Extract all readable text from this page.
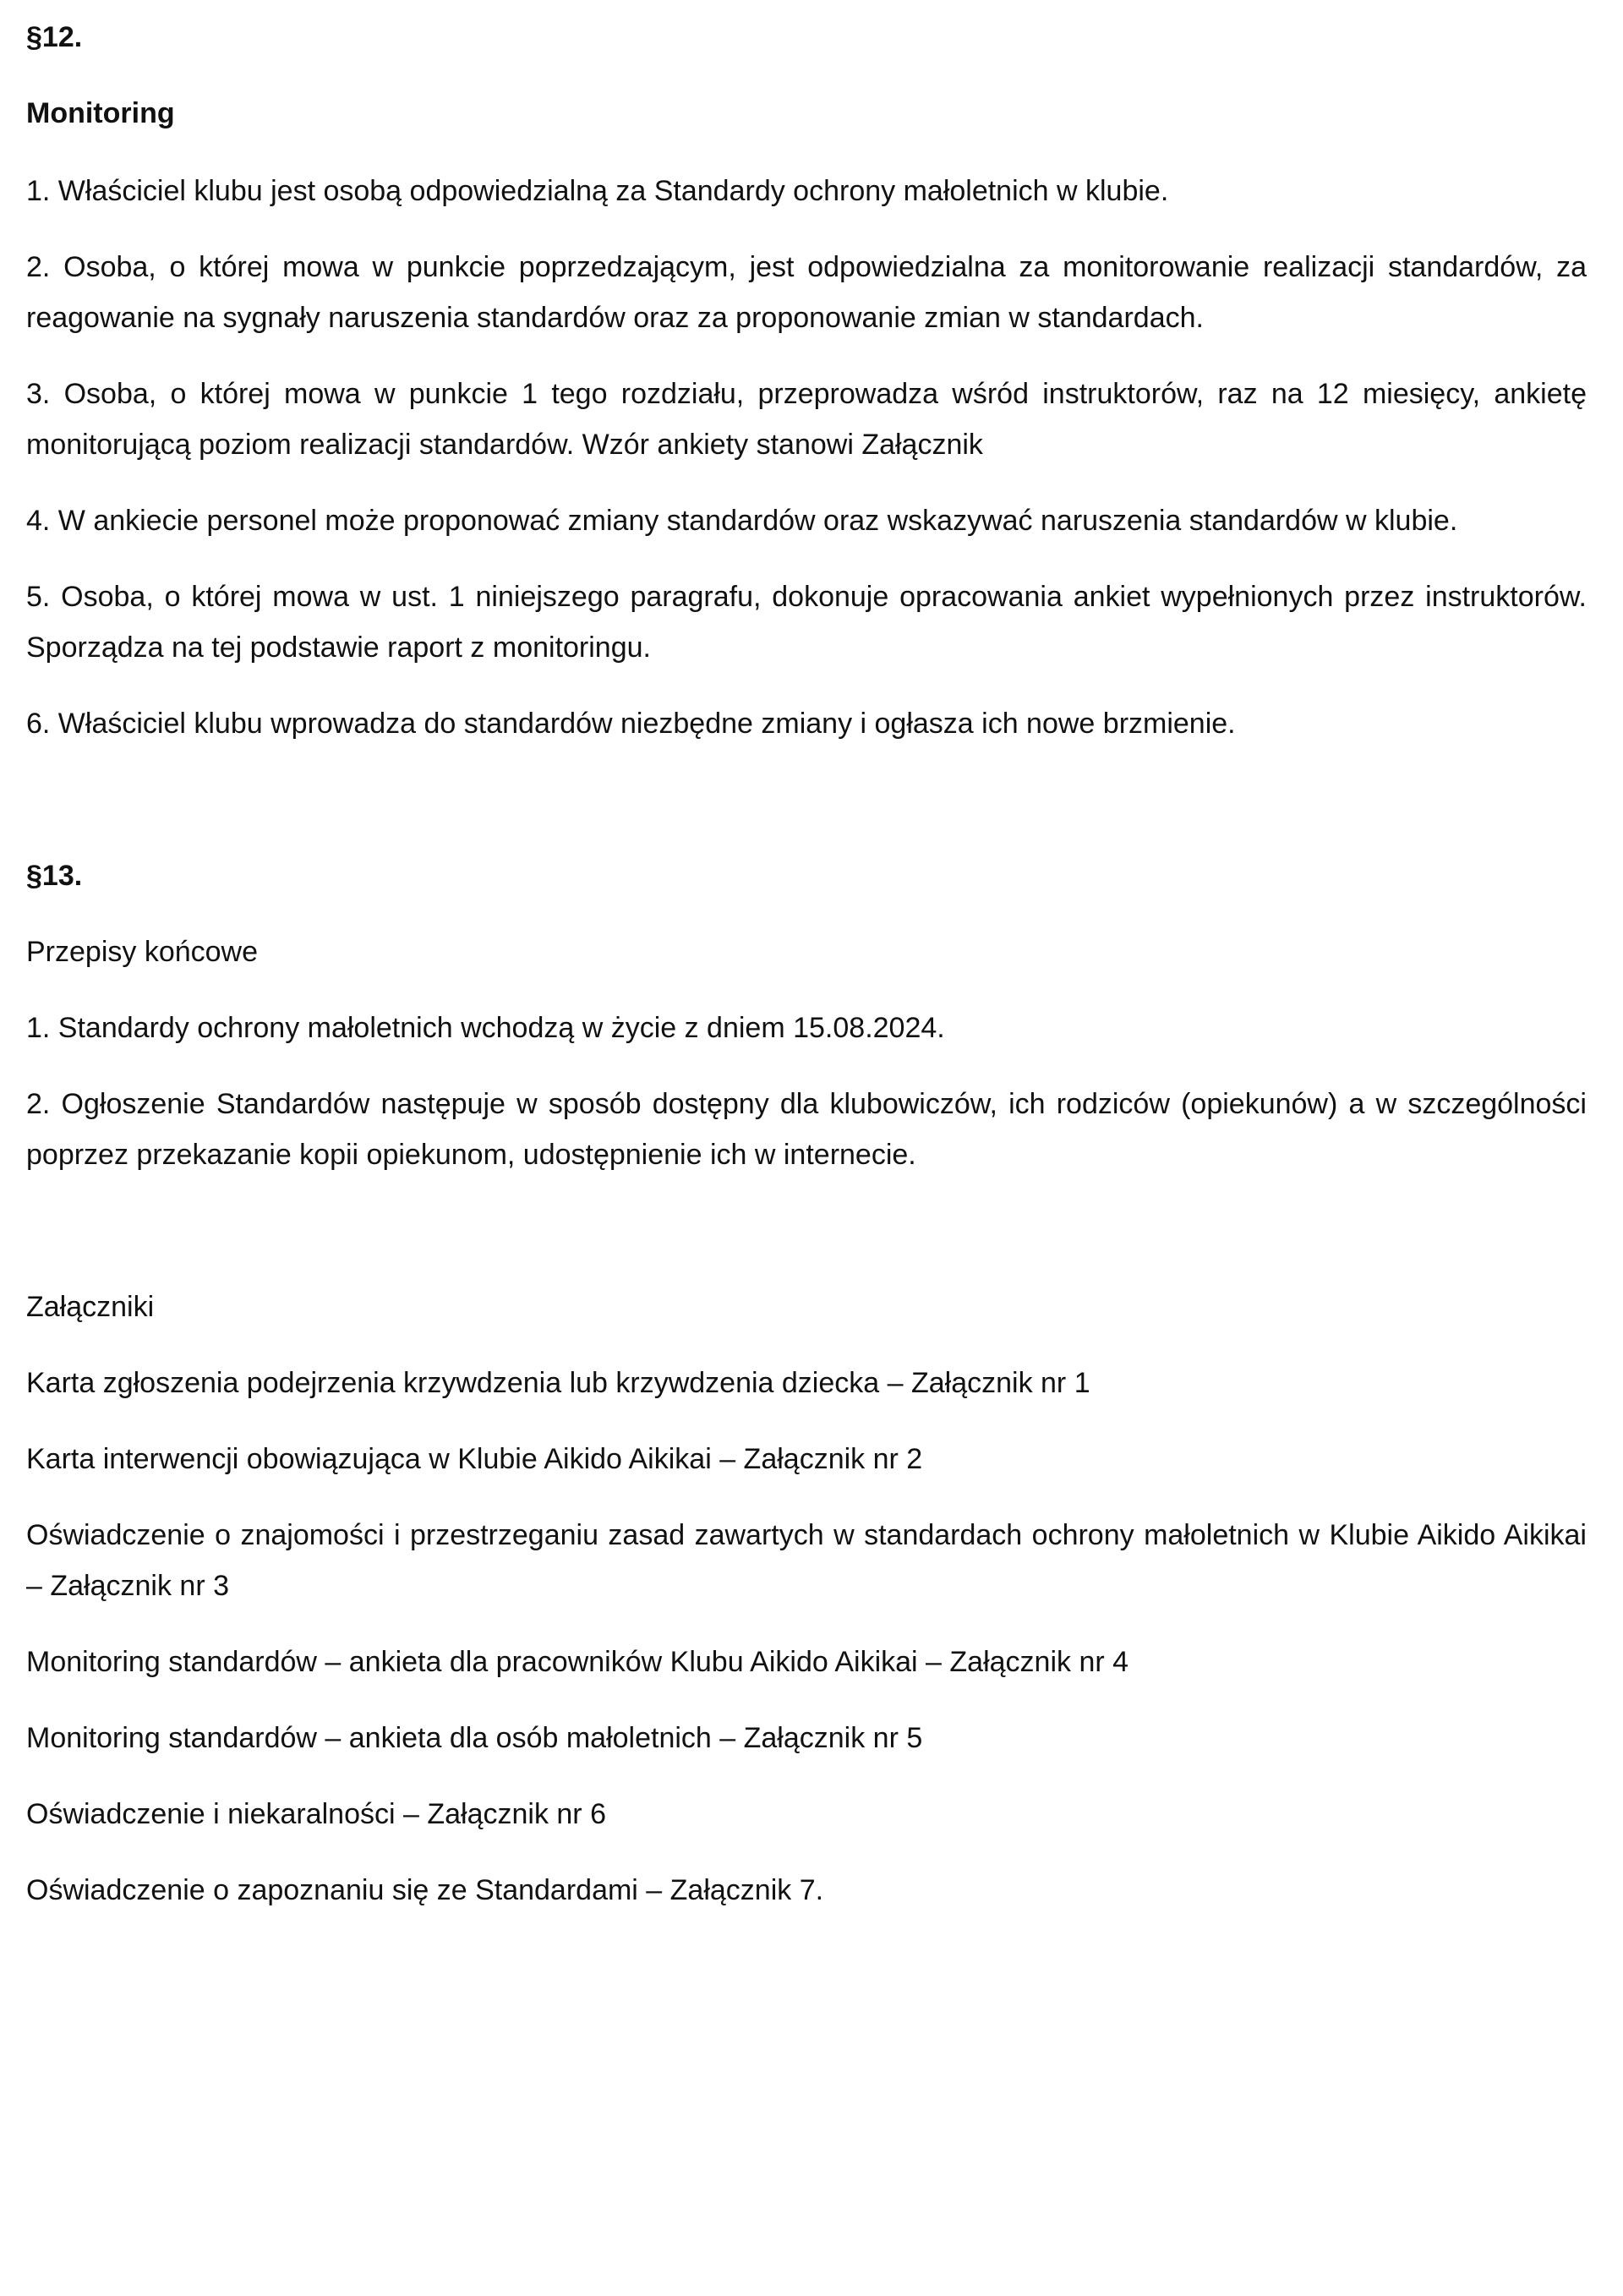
§12.

Monitoring

1. Właściciel klubu jest osobą odpowiedzialną za Standardy ochrony małoletnich w klubie.

2. Osoba, o której mowa w punkcie poprzedzającym, jest odpowiedzialna za monitorowanie realizacji standardów, za reagowanie na sygnały naruszenia standardów oraz za proponowanie zmian w standardach.

3. Osoba, o której mowa w punkcie 1 tego rozdziału, przeprowadza wśród instruktorów, raz na 12 miesięcy, ankietę monitorującą poziom realizacji standardów. Wzór ankiety stanowi Załącznik

4. W ankiecie personel może proponować zmiany standardów oraz wskazywać naruszenia standardów w klubie.

5. Osoba, o której mowa w ust. 1 niniejszego paragrafu, dokonuje opracowania ankiet wypełnionych przez instruktorów. Sporządza na tej podstawie raport z monitoringu.

6. Właściciel klubu wprowadza do standardów niezbędne zmiany i ogłasza ich nowe brzmienie.

§13.

Przepisy końcowe

1. Standardy ochrony małoletnich wchodzą w życie z dniem 15.08.2024.

2. Ogłoszenie Standardów następuje w sposób dostępny dla klubowiczów, ich rodziców (opiekunów) a w szczególności poprzez przekazanie kopii opiekunom, udostępnienie ich w internecie.

Załączniki

Karta zgłoszenia podejrzenia krzywdzenia lub krzywdzenia dziecka – Załącznik nr 1

Karta interwencji obowiązująca w Klubie Aikido Aikikai – Załącznik nr 2

Oświadczenie o znajomości i przestrzeganiu zasad zawartych w standardach ochrony małoletnich w Klubie Aikido Aikikai – Załącznik nr 3

Monitoring standardów – ankieta dla pracowników Klubu Aikido Aikikai – Załącznik nr 4

Monitoring standardów – ankieta dla osób małoletnich – Załącznik nr 5

Oświadczenie i niekaralności – Załącznik nr 6

Oświadczenie o zapoznaniu się ze Standardami – Załącznik 7.
